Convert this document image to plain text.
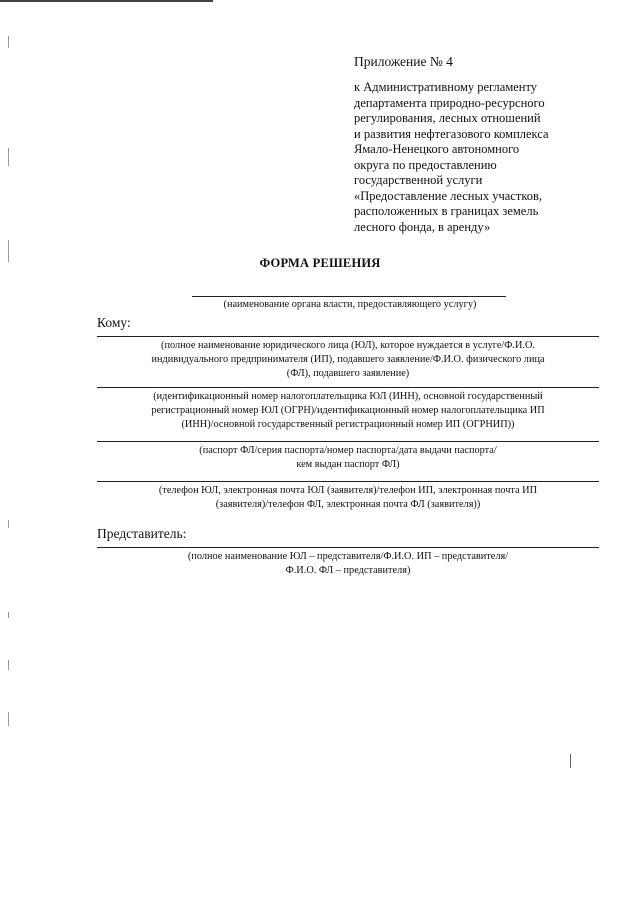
Приложение № 4
к Административному регламенту
департамента природно-ресурсного
регулирования, лесных отношений
и развития нефтегазового комплекса
Ямало-Ненецкого автономного
округа по предоставлению
государственной услуги
«Предоставление лесных участков,
расположенных в границах земель
лесного фонда, в аренду»
ФОРМА РЕШЕНИЯ
(наименование органа власти, предоставляющего услугу)
Кому:
(полное наименование юридического лица (ЮЛ), которое нуждается в услуге/Ф.И.О.
индивидуального предпринимателя (ИП), подавшего заявление/Ф.И.О. физического лица
(ФЛ), подавшего заявление)
(идентификационный номер налогоплательщика ЮЛ (ИНН), основной государственный
регистрационный номер ЮЛ (ОГРН)/идентификационный номер налогоплательщика ИП
(ИНН)/основной государственный регистрационный номер ИП (ОГРНИП))
(паспорт ФЛ/серия паспорта/номер паспорта/дата выдачи паспорта/
кем выдан паспорт ФЛ)
(телефон ЮЛ, электронная почта ЮЛ (заявителя)/телефон ИП, электронная почта ИП
(заявителя)/телефон ФЛ, электронная почта ФЛ (заявителя))
Представитель:
(полное наименование ЮЛ – представителя/Ф.И.О. ИП – представителя/
Ф.И.О. ФЛ – представителя)
